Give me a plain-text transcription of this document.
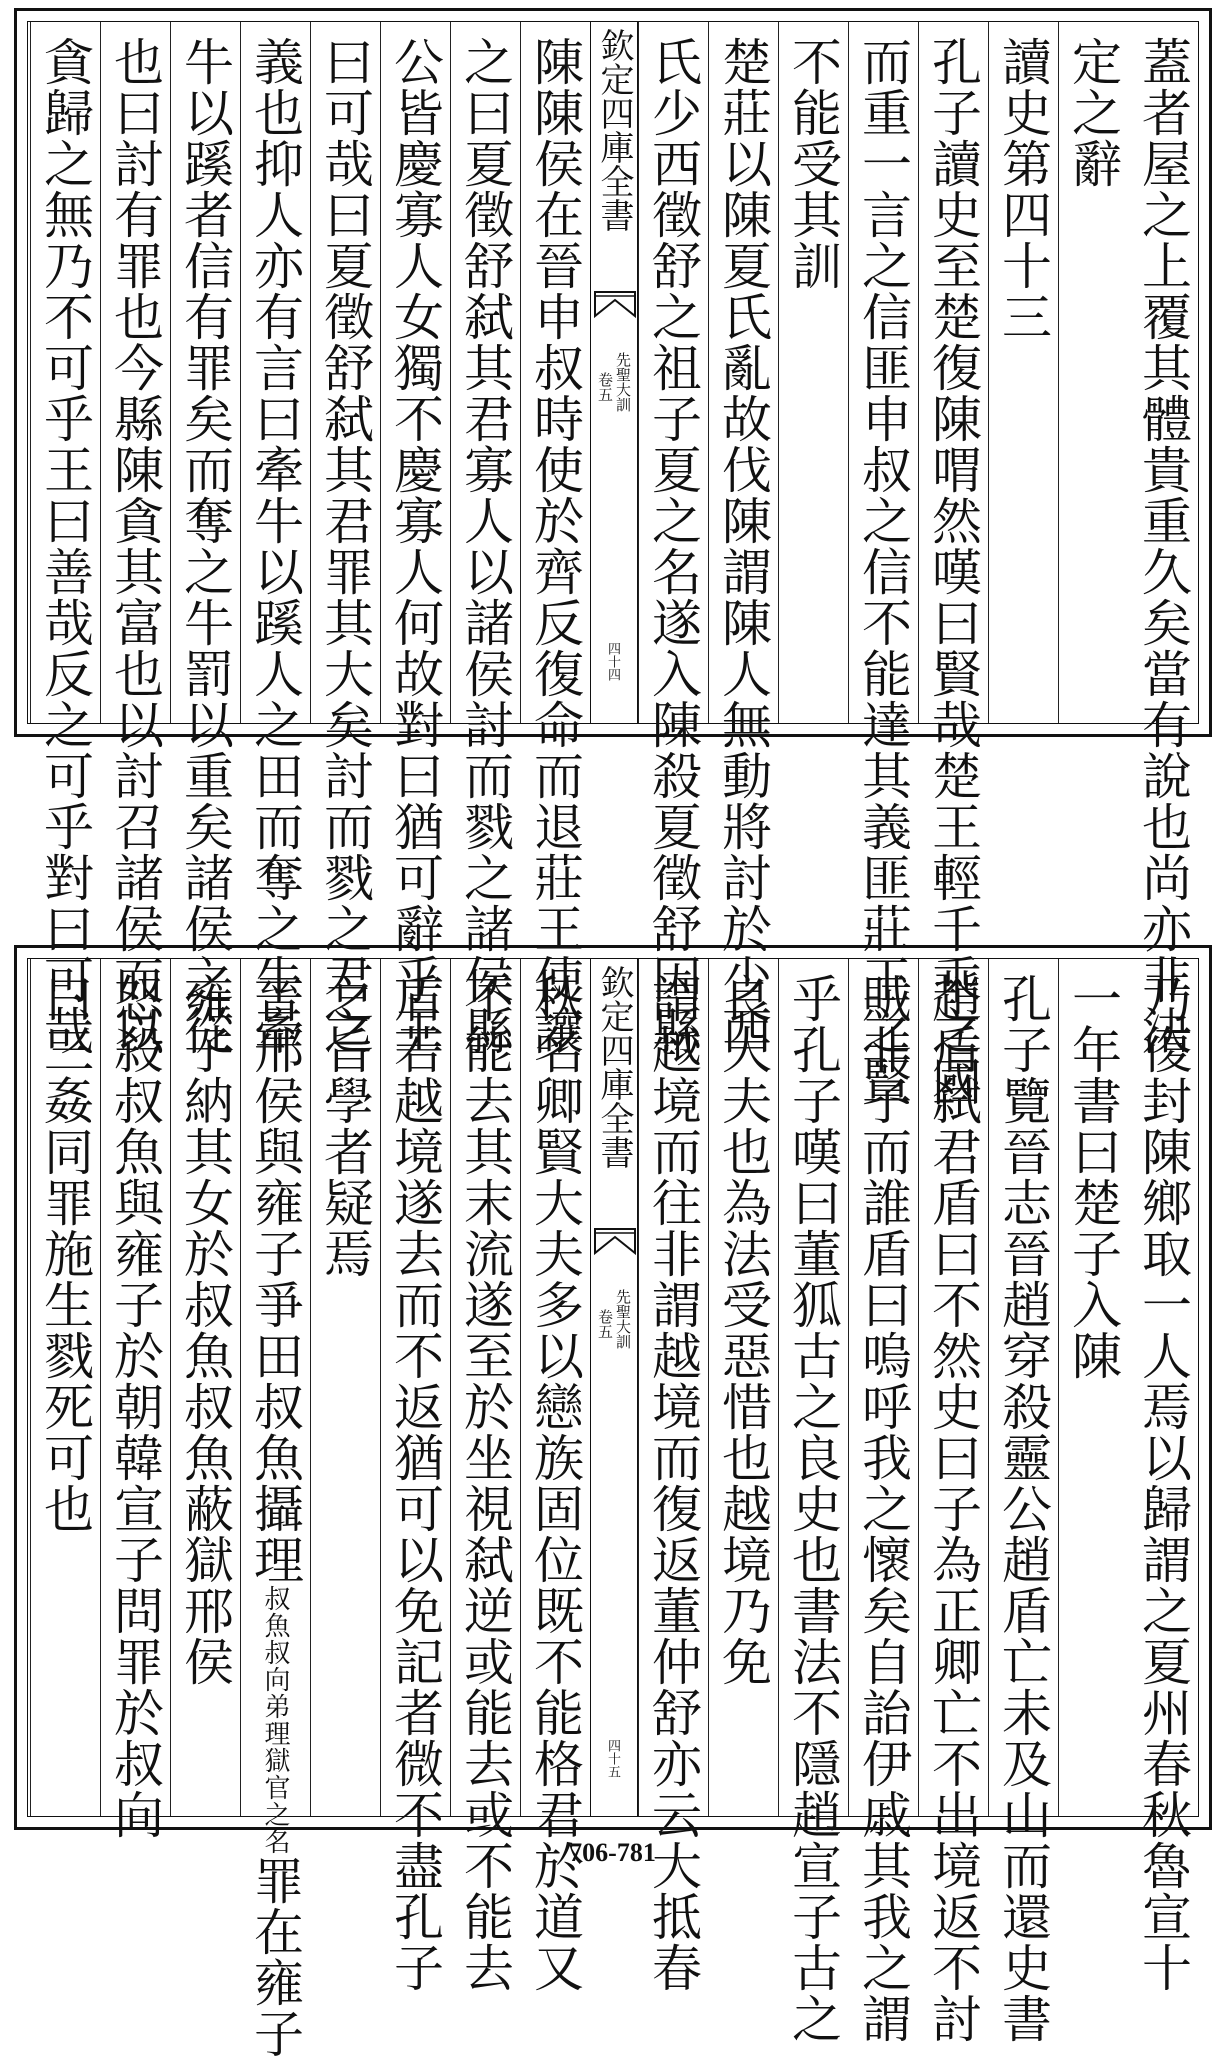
蓋者屋之上覆其體貴重久矣當有說也尚亦非決
定之辭
讀史第四十三
孔子讀史至楚復陳喟然嘆曰賢哉楚王輕千乘之國
而重一言之信匪申叔之信不能達其義匪莊王之賢
不能受其訓
楚莊以陳夏氏亂故伐陳謂陳人無動將討於少西
氏少西徵舒之祖子夏之名遂入陳殺夏徵舒因縣
欽定四庫全書
先聖大訓
卷五
四十四
陳陳侯在晉申叔時使於齊反復命而退莊王使讓
之曰夏徵舒弑其君寡人以諸侯討而戮之諸侯縣
公皆慶寡人女獨不慶寡人何故對曰猶可辭乎王
曰可哉曰夏徵舒弑其君罪其大矣討而戮之君之
義也抑人亦有言曰牽牛以蹊人之田而奪之牛牽
牛以蹊者信有罪矣而奪之牛罰以重矣諸侯之從
也曰討有罪也今縣陳貪其富也以討召諸侯而以
貪歸之無乃不可乎王曰善哉反之可乎對曰可哉
乃復封陳鄉取一人焉以歸謂之夏州春秋魯宣十
一年書曰楚子入陳
孔子覽晉志晉趙穿殺靈公趙盾亡未及山而還史書
趙盾弑君盾曰不然史曰子為正卿亡不出境返不討
賊非子而誰盾曰嗚呼我之懷矣自詒伊戚其我之謂
乎孔子嘆曰董狐古之良史也書法不隱趙宣子古之
良大夫也為法受惡惜也越境乃免
謂越境而往非謂越境而復返董仲舒亦云大抵春
欽定四庫全書
先聖大訓
卷五
四十五
秋名卿賢大夫多以戀族固位既不能格君於道又
不能去其末流遂至於坐視弑逆或能去或不能去
盾若越境遂去而不返猶可以免記者微不盡孔子
之旨學者疑焉
晉邢侯與雍子爭田叔魚攝理叔魚叔向弟理獄官之名罪在雍子
雍子納其女於叔魚叔魚蔽獄邢侯
怒殺叔魚與雍子於朝韓宣子問罪於叔向
曰三姦同罪施生戮死可也
706-781
